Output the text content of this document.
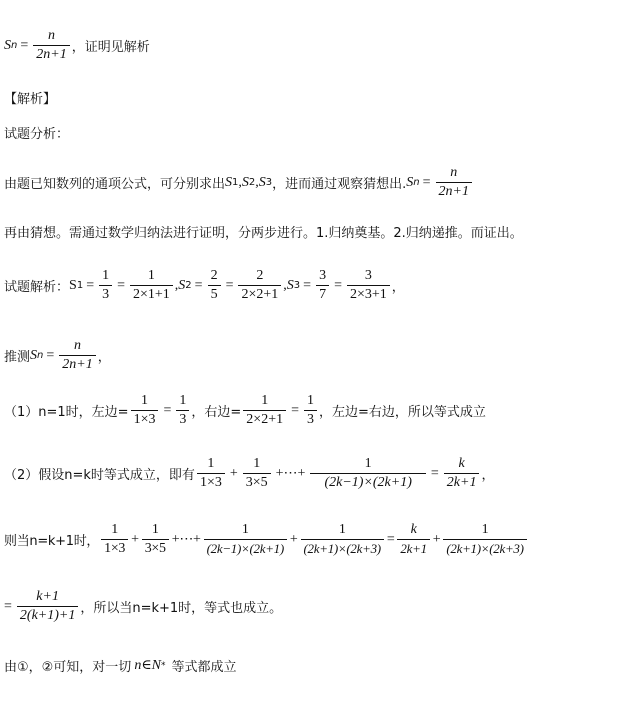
S $n = \frac{n}{2n+1}$ ，证明见解析
【解析】
试题分析：
由题已知数列的通项公式，可分别求出 S 1 , S 2 , S 3 ，进而通过观察猜想出. S $n = \frac{n}{2n+1}$
再由猜想。需通过数学归纳法进行证明，分两步进行。1.归纳奠基。2.归纳递推。而证出。
试题解析： S $1 = \frac{1}{3} = \frac{1}{2\times 1+1}$ , S $2 = \frac{2}{5} = \frac{2}{2\times 2+1}$ , S $3 = \frac{3}{7} = \frac{3}{2\times 3+1}$ ，
推测 S $n = \frac{n}{2n+1}$ ，
（1）n=1时，左边= $\frac{1}{1\times 3} = \frac{1}{3}$ ，右边= $\frac{1}{2\times 2+1} = \frac{1}{3}$ ，左边=右边，所以等式成立
（2）假设n=k时等式成立，即有 $\frac{1}{1\times 3} + \frac{1}{3\times 5}$ +⋯+ $\frac{1}{(2k-1)\times(2k+1)} = \frac{k}{2k+1}$ ，
则当n=k+1时， $\frac{1}{1\times 3} + \frac{1}{3\times 5}$ +⋯+ $\frac{1}{(2k-1)\times(2k+1)} + \frac{1}{(2k+1)\times(2k+3)} = \frac{k}{2k+1} + \frac{1}{(2k+1)\times(2k+3)}$
= $\frac{k+1}{2(k+1)+1}$ ，所以当n=k+1时，等式也成立。
由①，②可知，对一切 n∈N * 等式都成立
